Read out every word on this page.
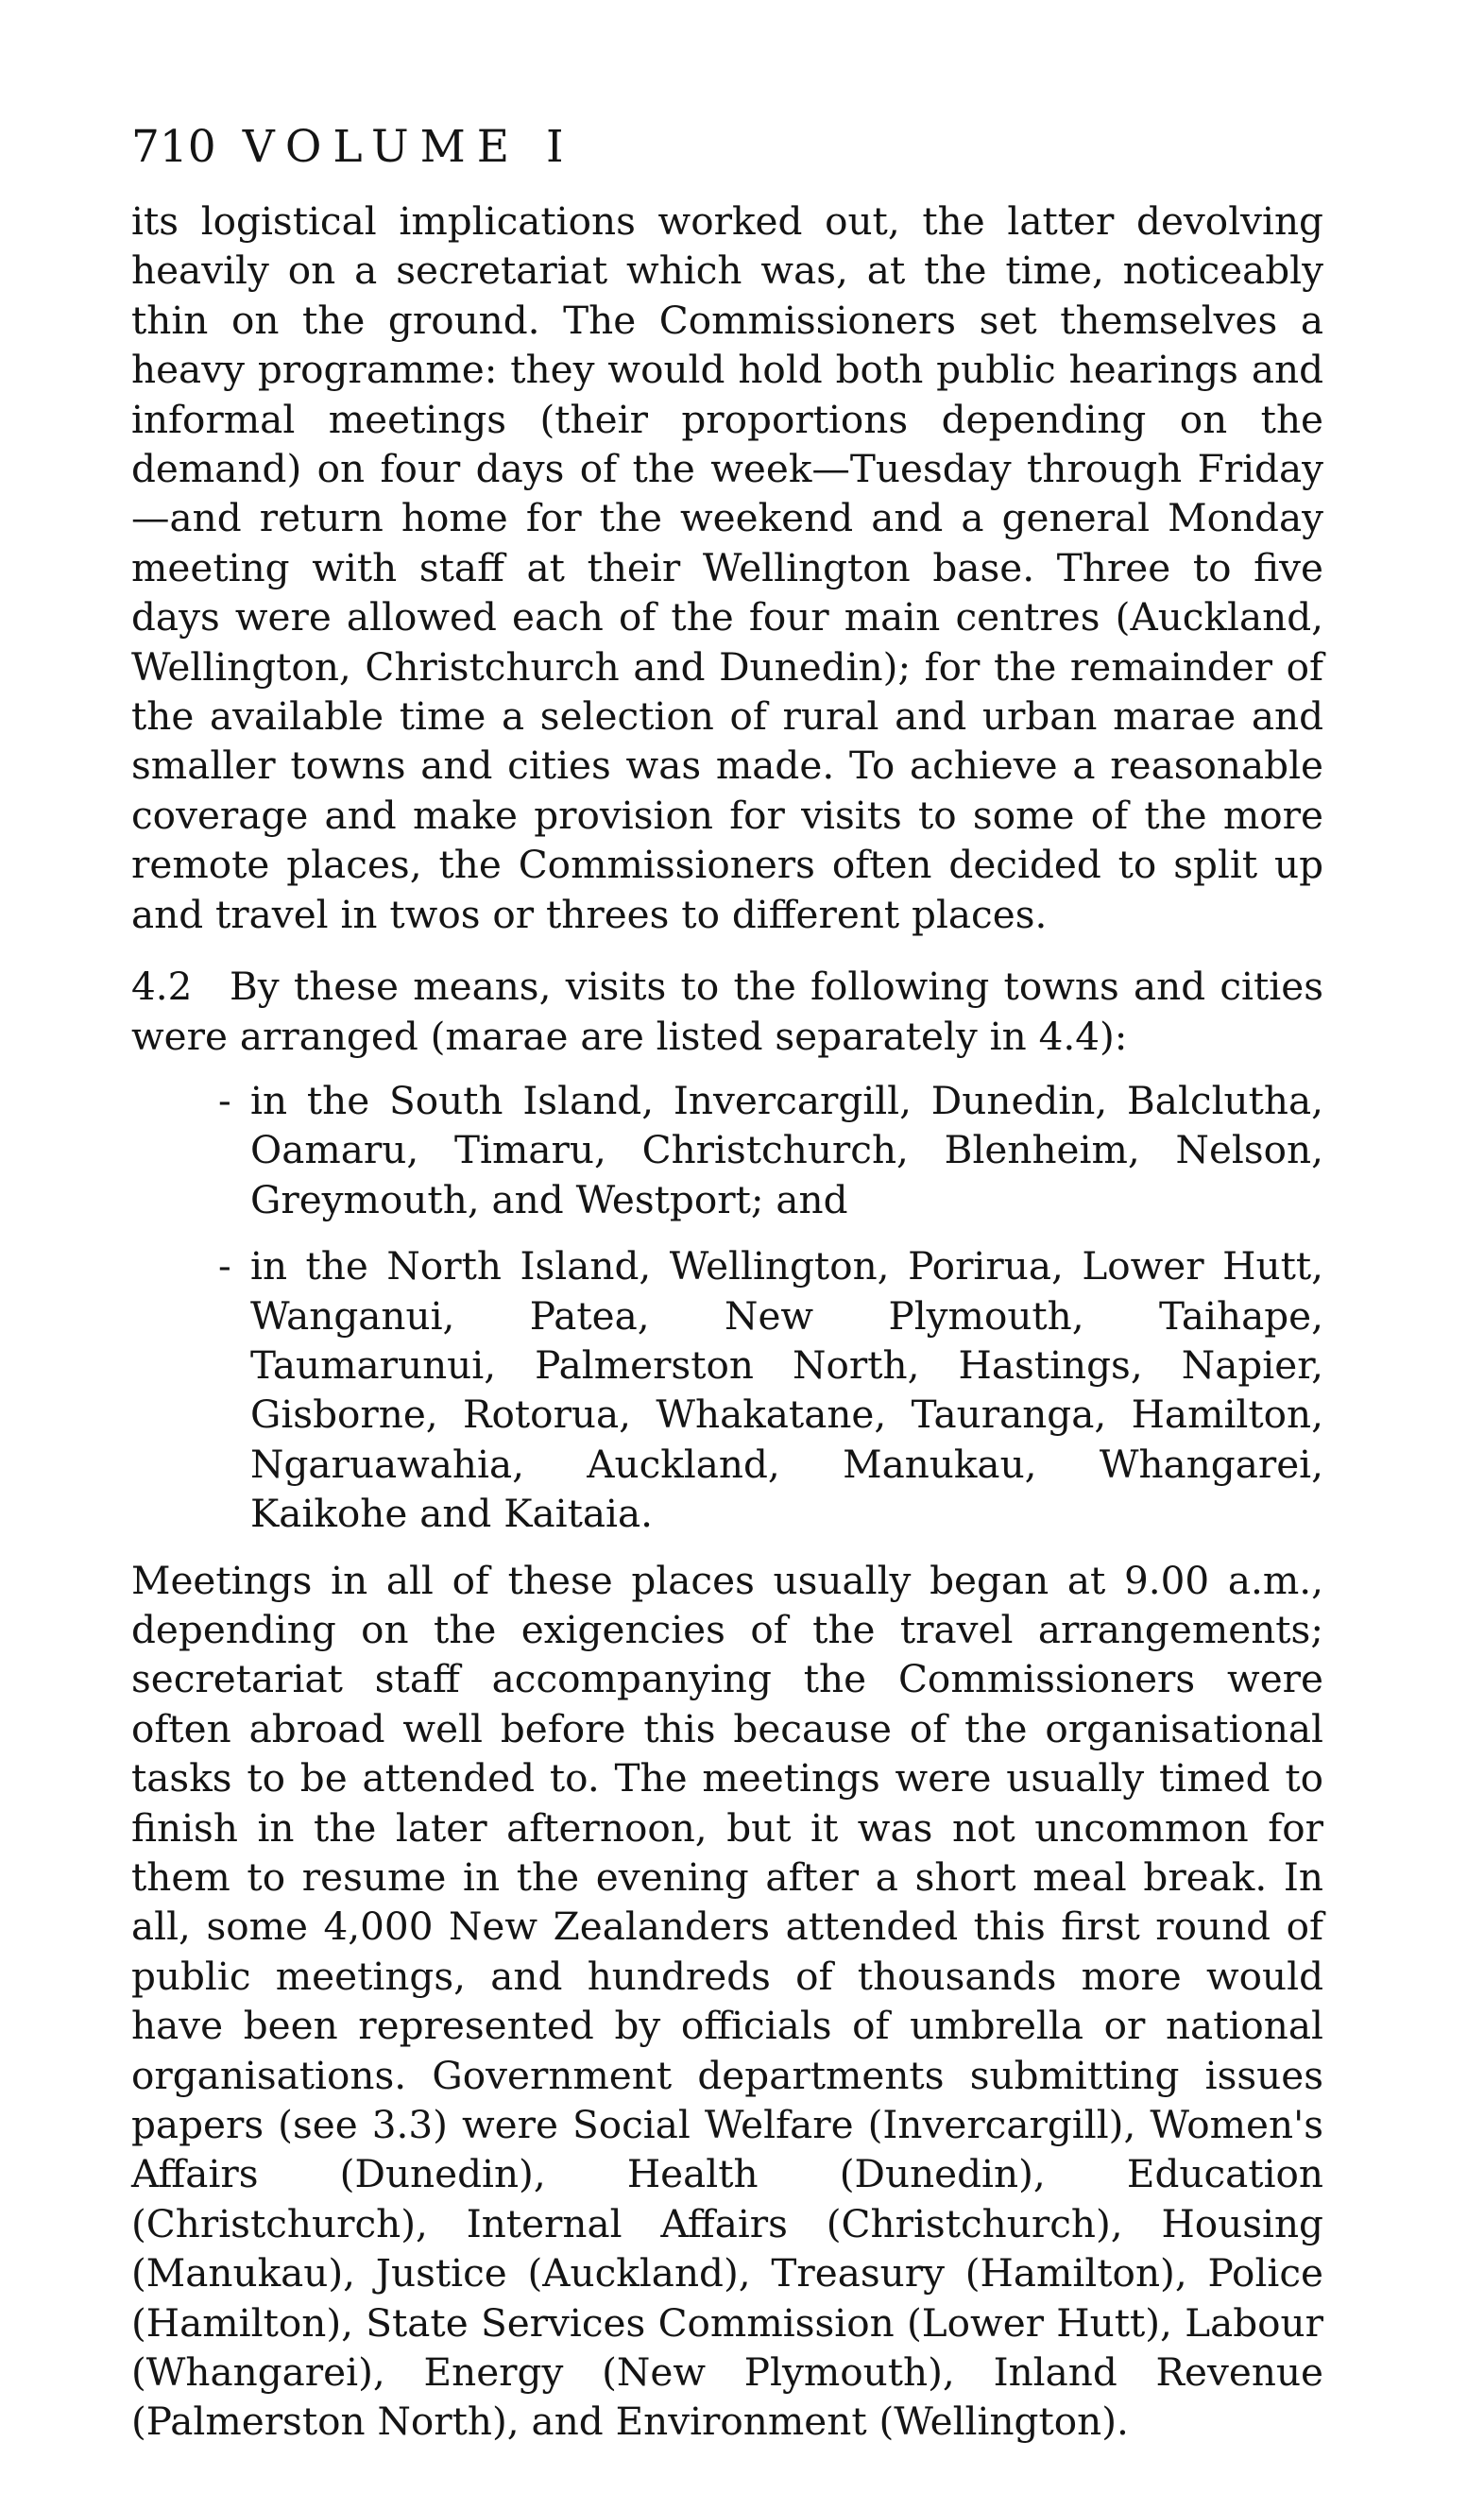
710 VOLUME I

its logistical implications worked out, the latter devolving heavily on a secretariat which was, at the time, noticeably thin on the ground. The Commissioners set themselves a heavy programme: they would hold both public hearings and informal meetings (their proportions depending on the demand) on four days of the week—Tuesday through Friday—and return home for the weekend and a general Monday meeting with staff at their Wellington base. Three to five days were allowed each of the four main centres (Auckland, Wellington, Christchurch and Dunedin); for the remainder of the available time a selection of rural and urban marae and smaller towns and cities was made. To achieve a reasonable coverage and make provision for visits to some of the more remote places, the Commissioners often decided to split up and travel in twos or threes to different places.

4.2 By these means, visits to the following towns and cities were arranged (marae are listed separately in 4.4):

- in the South Island, Invercargill, Dunedin, Balclutha, Oamaru, Timaru, Christchurch, Blenheim, Nelson, Greymouth, and Westport; and
- in the North Island, Wellington, Porirua, Lower Hutt, Wanganui, Patea, New Plymouth, Taihape, Taumarunui, Palmerston North, Hastings, Napier, Gisborne, Rotorua, Whakatane, Tauranga, Hamilton, Ngaruawahia, Auckland, Manukau, Whangarei, Kaikohe and Kaitaia.

Meetings in all of these places usually began at 9.00 a.m., depending on the exigencies of the travel arrangements; secretariat staff accompanying the Commissioners were often abroad well before this because of the organisational tasks to be attended to. The meetings were usually timed to finish in the later afternoon, but it was not uncommon for them to resume in the evening after a short meal break. In all, some 4,000 New Zealanders attended this first round of public meetings, and hundreds of thousands more would have been represented by officials of umbrella or national organisations. Government departments submitting issues papers (see 3.3) were Social Welfare (Invercargill), Women's Affairs (Dunedin), Health (Dunedin), Education (Christchurch), Internal Affairs (Christchurch), Housing (Manukau), Justice (Auckland), Treasury (Hamilton), Police (Hamilton), State Services Commission (Lower Hutt), Labour (Whangarei), Energy (New Plymouth), Inland Revenue (Palmerston North), and Environment (Wellington).
